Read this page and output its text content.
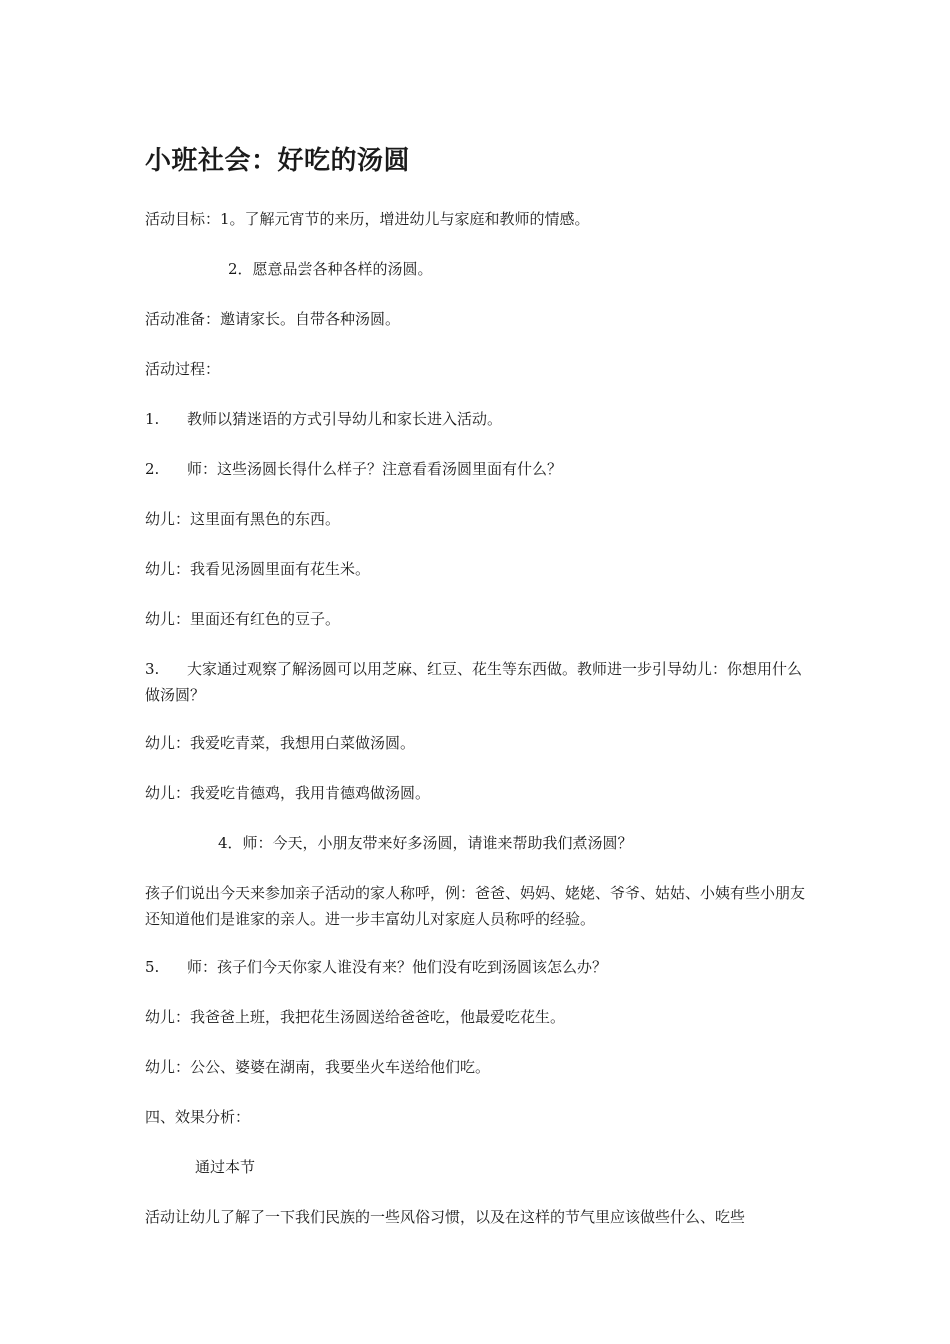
小班社会：好吃的汤圆
活动目标：1。了解元宵节的来历，增进幼儿与家庭和教师的情感。
2．愿意品尝各种各样的汤圆。
活动准备：邀请家长。自带各种汤圆。
活动过程：
1. 教师以猜迷语的方式引导幼儿和家长进入活动。
2. 师：这些汤圆长得什么样子？注意看看汤圆里面有什么？
幼儿：这里面有黑色的东西。
幼儿：我看见汤圆里面有花生米。
幼儿：里面还有红色的豆子。
3. 大家通过观察了解汤圆可以用芝麻、红豆、花生等东西做。教师进一步引导幼儿：你想用什么做汤圆？
幼儿：我爱吃青菜，我想用白菜做汤圆。
幼儿：我爱吃肯德鸡，我用肯德鸡做汤圆。
4．师：今天，小朋友带来好多汤圆，请谁来帮助我们煮汤圆？
孩子们说出今天来参加亲子活动的家人称呼，例：爸爸、妈妈、姥姥、爷爷、姑姑、小姨有些小朋友还知道他们是谁家的亲人。进一步丰富幼儿对家庭人员称呼的经验。
5. 师：孩子们今天你家人谁没有来？他们没有吃到汤圆该怎么办？
幼儿：我爸爸上班，我把花生汤圆送给爸爸吃，他最爱吃花生。
幼儿：公公、婆婆在湖南，我要坐火车送给他们吃。
四、效果分析：
通过本节
活动让幼儿了解了一下我们民族的一些风俗习惯，以及在这样的节气里应该做些什么、吃些
